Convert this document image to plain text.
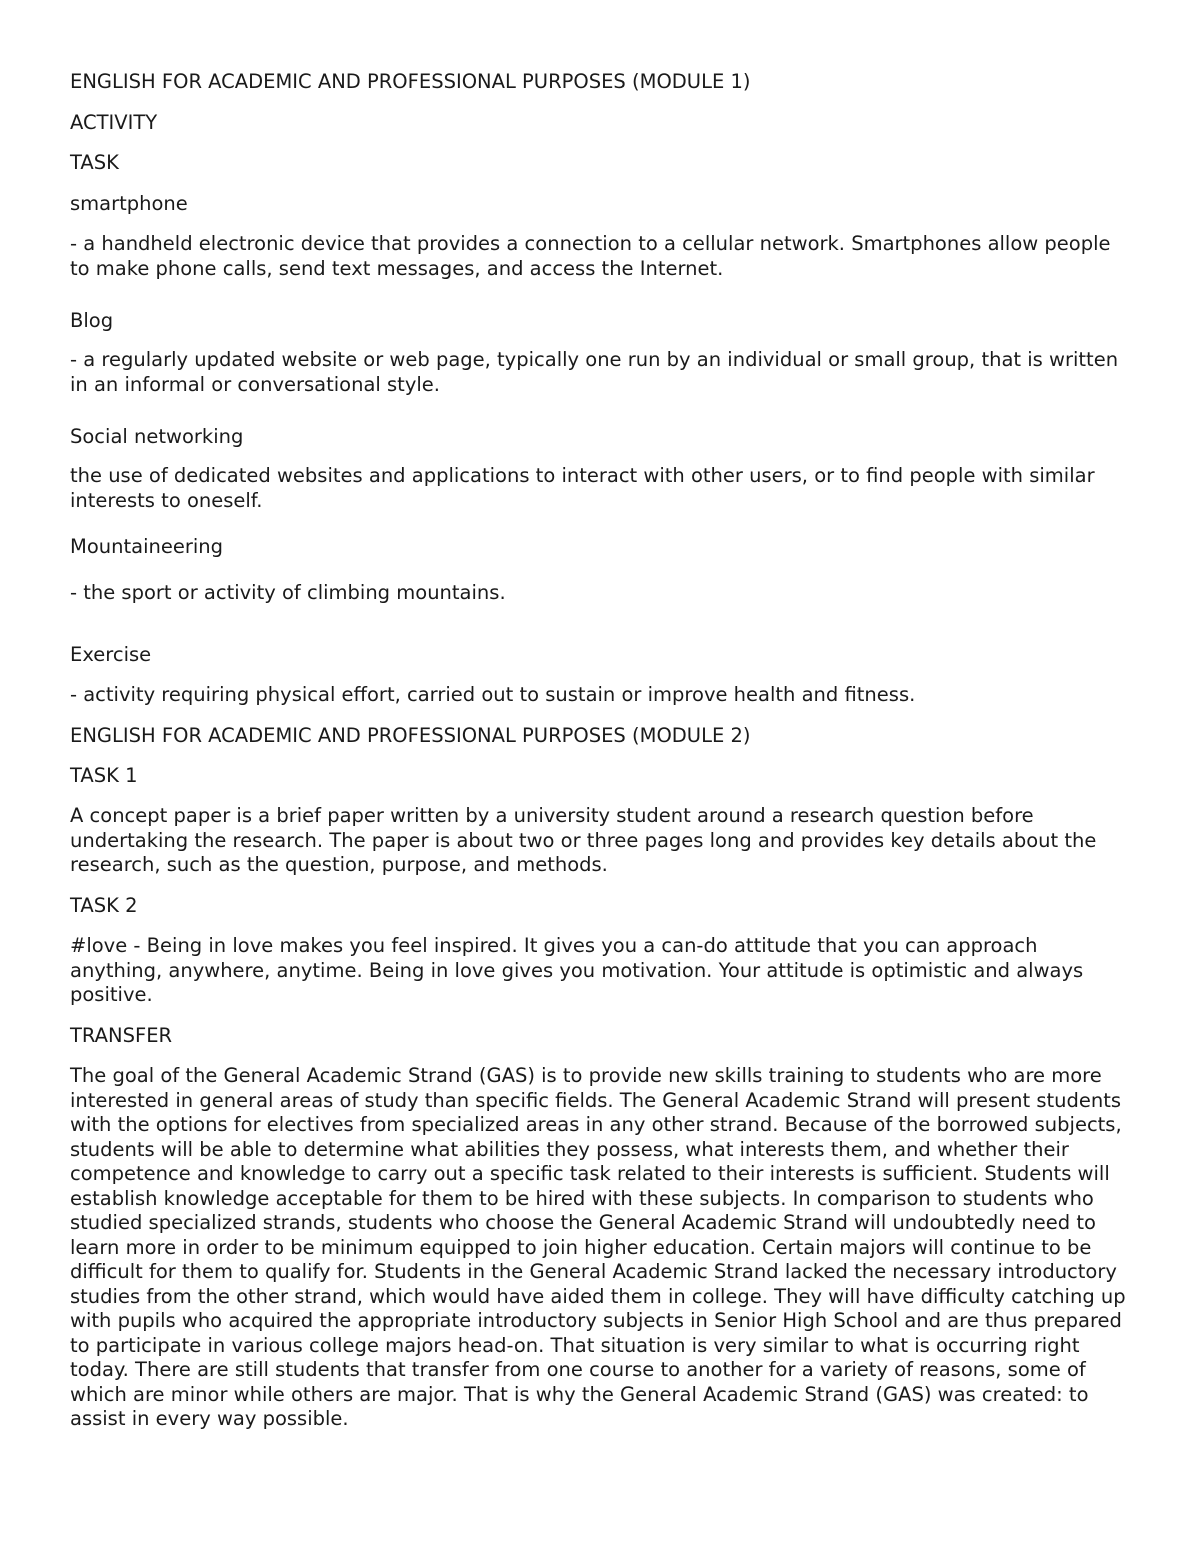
ENGLISH FOR ACADEMIC AND PROFESSIONAL PURPOSES (MODULE 1)

ACTIVITY

TASK

smartphone

- a handheld electronic device that provides a connection to a cellular network. Smartphones allow people to make phone calls, send text messages, and access the Internet.

Blog

- a regularly updated website or web page, typically one run by an individual or small group, that is written in an informal or conversational style.

Social networking

the use of dedicated websites and applications to interact with other users, or to find people with similar interests to oneself.

Mountaineering

- the sport or activity of climbing mountains.

Exercise

- activity requiring physical effort, carried out to sustain or improve health and fitness.

ENGLISH FOR ACADEMIC AND PROFESSIONAL PURPOSES (MODULE 2)

TASK 1

A concept paper is a brief paper written by a university student around a research question before undertaking the research. The paper is about two or three pages long and provides key details about the research, such as the question, purpose, and methods.

TASK 2

#love - Being in love makes you feel inspired. It gives you a can-do attitude that you can approach anything, anywhere, anytime. Being in love gives you motivation. Your attitude is optimistic and always positive.

TRANSFER

The goal of the General Academic Strand (GAS) is to provide new skills training to students who are more interested in general areas of study than specific fields. The General Academic Strand will present students with the options for electives from specialized areas in any other strand. Because of the borrowed subjects, students will be able to determine what abilities they possess, what interests them, and whether their competence and knowledge to carry out a specific task related to their interests is sufficient. Students will establish knowledge acceptable for them to be hired with these subjects. In comparison to students who studied specialized strands, students who choose the General Academic Strand will undoubtedly need to learn more in order to be minimum equipped to join higher education. Certain majors will continue to be difficult for them to qualify for. Students in the General Academic Strand lacked the necessary introductory studies from the other strand, which would have aided them in college. They will have difficulty catching up with pupils who acquired the appropriate introductory subjects in Senior High School and are thus prepared to participate in various college majors head-on. That situation is very similar to what is occurring right today. There are still students that transfer from one course to another for a variety of reasons, some of which are minor while others are major. That is why the General Academic Strand (GAS) was created: to assist in every way possible.
